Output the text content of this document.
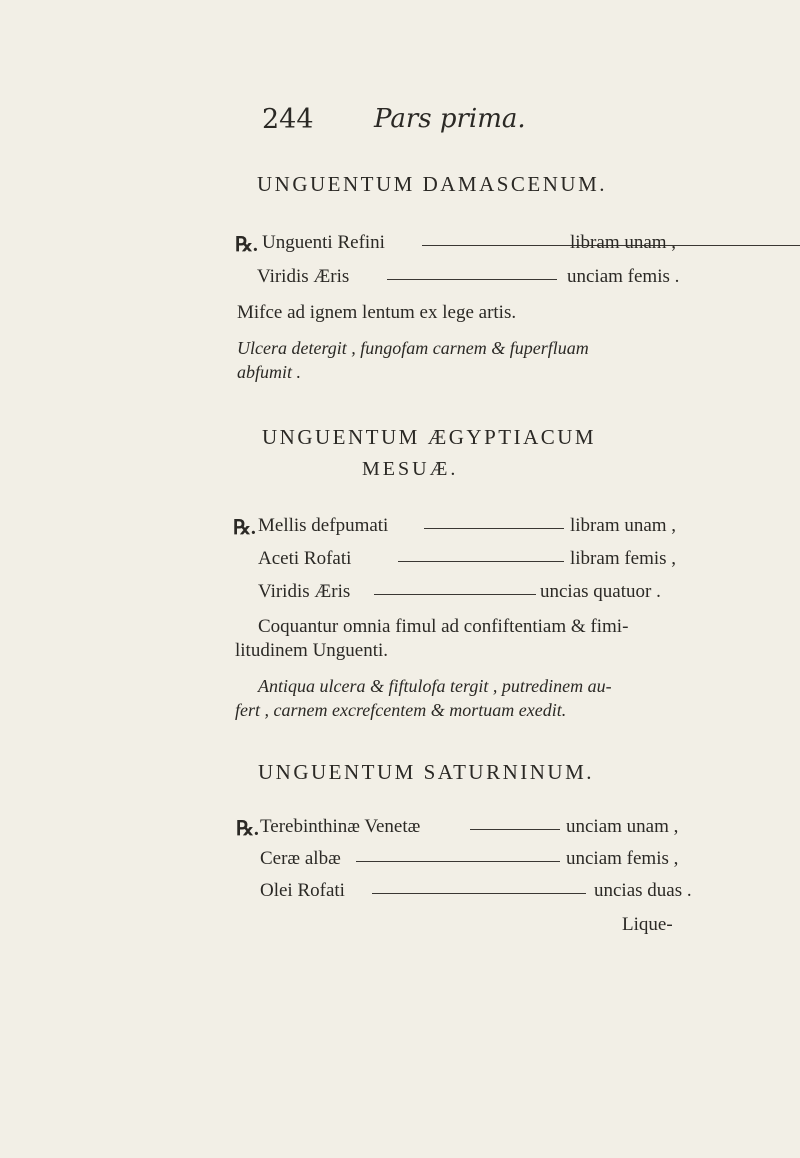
244 Pars prima.
UNGUENTUM DAMASCENUM.
℞. Unguenti Refini	libram unam ,
Viridis Æris	unciam femis .
Mifce ad ignem lentum ex lege artis.
Ulcera detergit , fungofam carnem & fuperfluam
abfumit .
UNGUENTUM ÆGYPTIACUM
MESUÆ.
℞. Mellis defpumati	libram unam ,
Aceti Rofati	libram femis ,
Viridis Æris	uncias quatuor .
Coquantur omnia fimul ad confiftentiam & fimi-
litudinem Unguenti.
Antiqua ulcera & fiftulofa tergit , putredinem au-
fert , carnem excrefcentem & mortuam exedit.
UNGUENTUM SATURNINUM.
℞. Terebinthinæ Venetæ	unciam unam ,
Ceræ albæ	unciam femis ,
Olei Rofati	uncias duas .
Lique-
